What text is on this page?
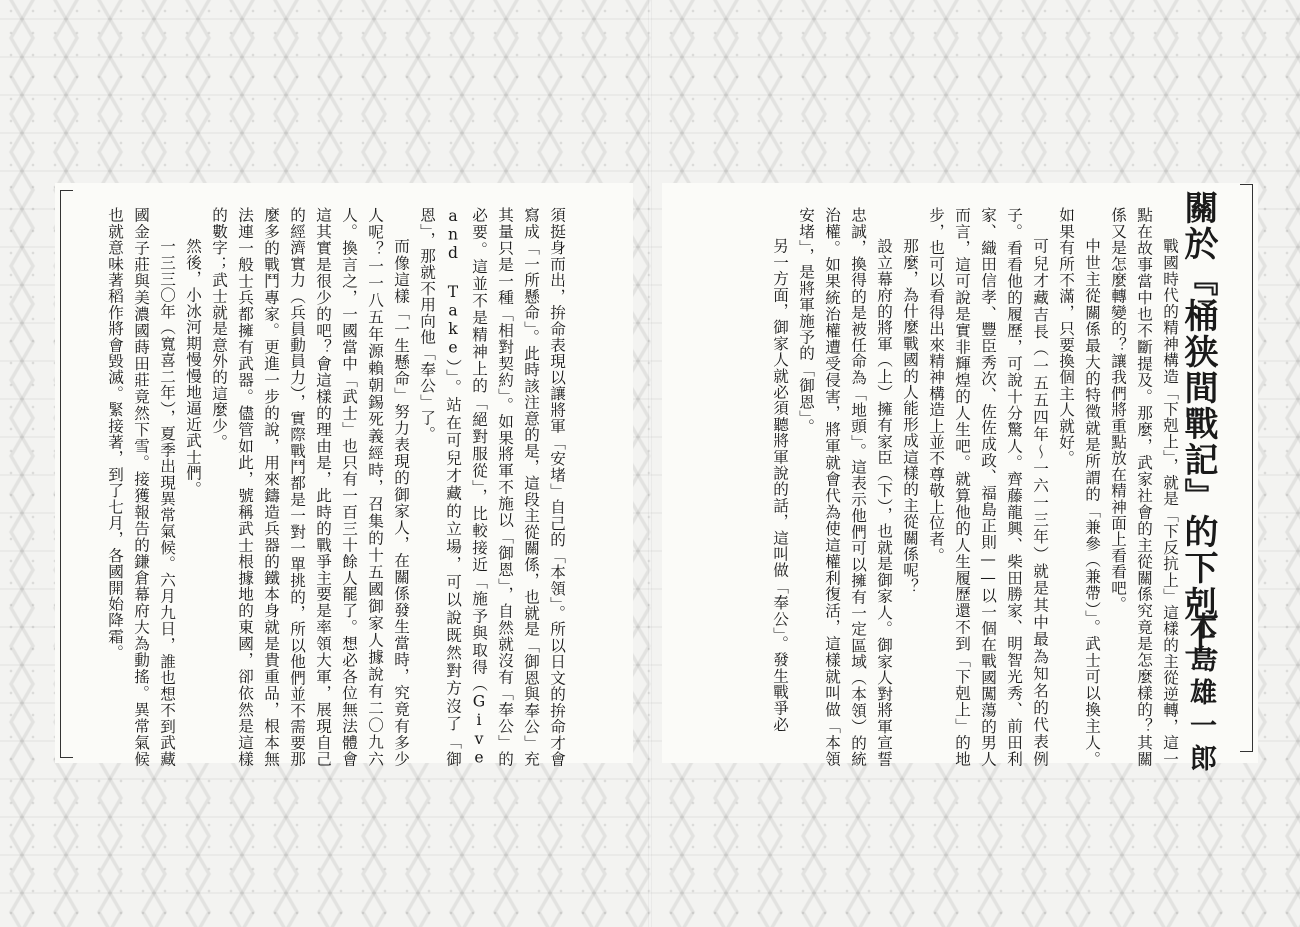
關於『桶狭間戰記』的下剋上
木島雄一郎

戰國時代的精神構造「下剋上」，就是「下反抗上」這樣的主從逆轉，這一點在故事當中也不斷提及。那麼，武家社會的主從關係究竟是怎麼樣的？其關係又是怎麼轉變的？讓我們將重點放在精神面上看看吧。

中世主從關係最大的特徵就是所謂的「兼參（兼帶）」。武士可以換主人。如果有所不滿，只要換個主人就好。

可兒才藏吉長（一五五四年～一六一三年）就是其中最為知名的代表例子。看看他的履歷，可說十分驚人。齊藤龍興、柴田勝家、明智光秀、前田利家、織田信孝、豐臣秀次、佐佐成政、福島正則——以一個在戰國闖蕩的男人而言，這可說是實非輝煌的人生吧。就算他的人生履歷還不到「下剋上」的地步，也可以看得出來精神構造上並不尊敬上位者。

那麼，為什麼戰國的人能形成這樣的主從關係呢？

設立幕府的將軍（上）擁有家臣（下），也就是御家人。御家人對將軍宣誓忠誠，換得的是被任命為「地頭」。這表示他們可以擁有一定區域（本領）的統治權。如果統治權遭受侵害，將軍就會代為使這權利復活，這樣就叫做「本領安堵」，是將軍施予的「御恩」。

另一方面，御家人就必須聽將軍說的話，這叫做「奉公」。發生戰爭必

須挺身而出，拚命表現以讓將軍「安堵」自己的「本領」。所以日文的拚命才會寫成「一所懸命」。此時該注意的是，這段主從關係，也就是「御恩與奉公」充其量只是一種「相對契約」。如果將軍不施以「御恩」，自然就沒有「奉公」的必要。這並不是精神上的「絕對服從」，比較接近「施予與取得（Give and Take）」。站在可兒才藏的立場，可以說既然對方沒了「御恩」，那就不用向他「奉公」了。

而像這樣「一生懸命」努力表現的御家人，在關係發生當時，究竟有多少人呢？一一八五年源賴朝錫死義經時，召集的十五國御家人據說有二〇九六人。換言之，一國當中「武士」也只有一百三十餘人罷了。想必各位無法體會這其實是很少的吧？會這樣的理由是，此時的戰爭主要是率領大軍，展現自己的經濟實力（兵員動員力），實際戰鬥都是一對一單挑的，所以他們並不需要那麼多的戰鬥專家。更進一步的說，用來鑄造兵器的鐵本身就是貴重品，根本無法連一般士兵都擁有武器。儘管如此，號稱武士根據地的東國，卻依然是這樣的數字；武士就是意外的這麼少。

然後，小冰河期慢慢地逼近武士們。

一三三〇年（寬喜二年），夏季出現異常氣候。六月九日，誰也想不到武藏國金子莊與美濃國蒔田莊竟然下雪。接獲報告的鎌倉幕府大為動搖。異常氣候也就意味著稻作將會毀滅。緊接著，到了七月，各國開始降霜。
